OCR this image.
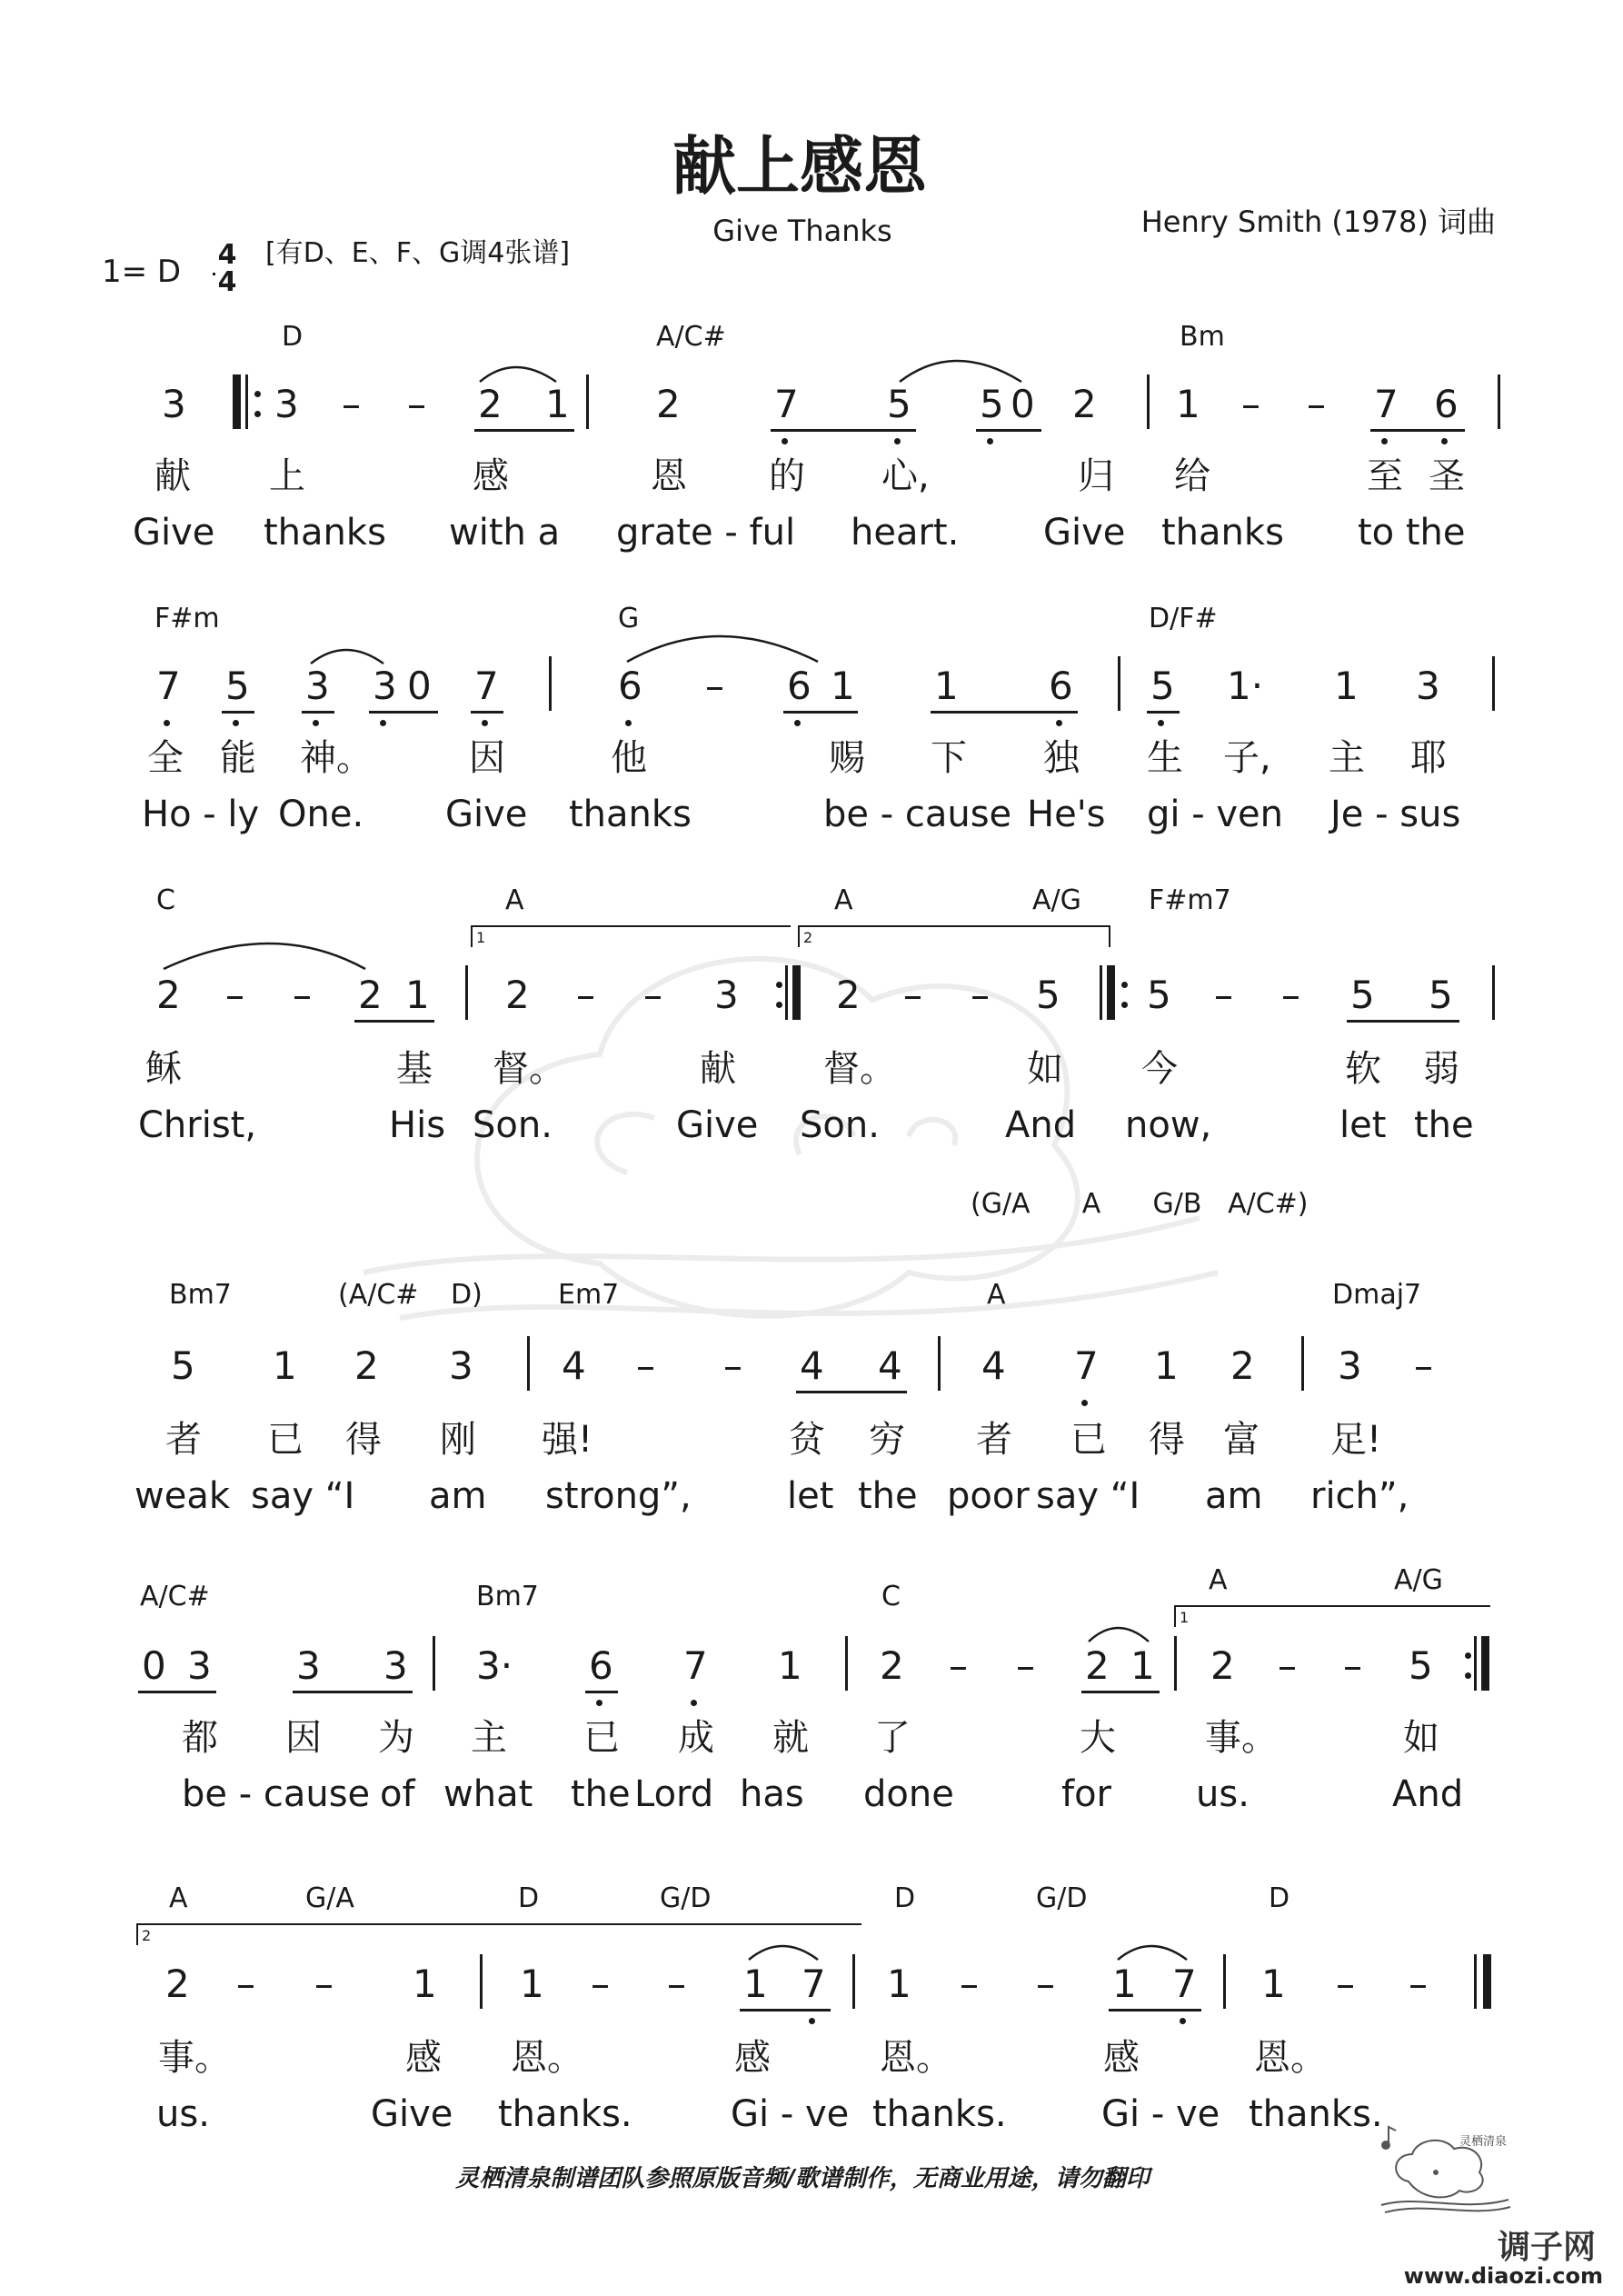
献上感恩
Give Thanks	Henry Smith (1978) 词曲
1= D 4
4
[有D、E、F、G调4张谱]
D	A/C#	Bm
3 3 – – 2 1 2 7 5 5 0 2 1 – – 7 6
献 上	感	恩 的 心,	归 给	至 圣
Give thanks with a grate - ful heart. Give thanks to the
F#m	G	D/F#
7 5 3 3 0 7	6 – 6 1 1 6 5 1· 1 3
全 能 神。	因	他	赐 下 独 生 子, 主 耶
Ho - ly One. Give thanks	be - cause He's gi - ven Je - sus
C	A	A	A/G F#m7
1	2
2 – – 2 1 2 – – 3	2 – – 5 5 – – 5 5
稣	基 督。	献 督。	如 今	软 弱
Christ,	His Son.	Give Son.	And now,	let the
(G/A      A      G/B   A/C#)
Bm7	(A/C# D)	Em7	A	Dmaj7
5 1 2 3 4 – – 4 4 4 7 1 2 3 –
者 已 得 刚 强!	贫 穷 者 已 得 富 足!
weak say “I am strong”,	let the poor say “I am rich”,
A/C#	Bm7	C
A	A/G
1
0 3 3 3 3· 6 7 1 2 – – 2 1 2 – – 5
都 因 为 主 已 成 就 了	大 事。	如
be - cause of what the Lord has done	for us.	And
A	G/A	D	G/D	D	G/D	D
2
2 – – 1 1 – – 1 7 1 – – 1 7 1 – –
事。	感 恩。	感	恩。	感	恩。
us.	Give thanks.	Gi - ve thanks.	Gi - ve thanks.
灵栖清泉制谱团队参照原版音频/歌谱制作，无商业用途，请勿翻印
灵栖清泉
调子网
www.diaozi.com
